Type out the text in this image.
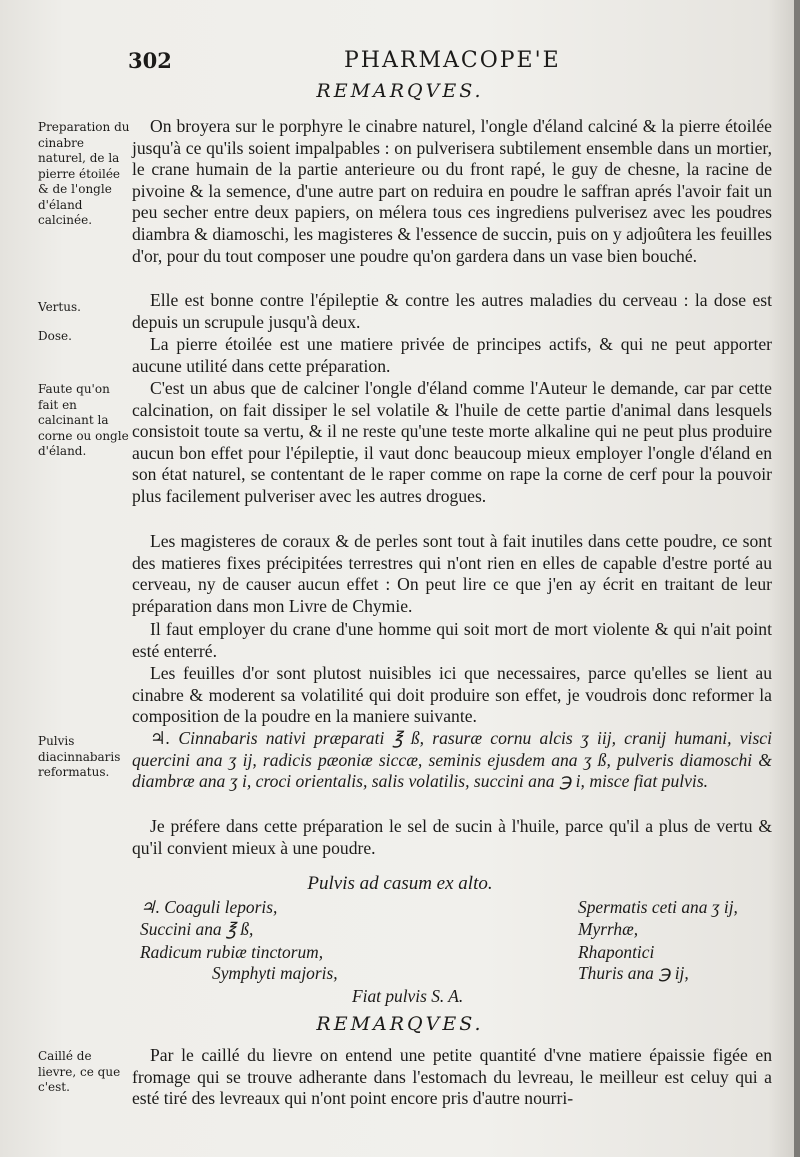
302	PHARMACOPE'E
REMARQVES.
Preparation du cinabre naturel, de la pierre étoilée & de l'ongle d'éland calcinée.
Vertus.
Dose.
Faute qu'on fait en calcinant la corne ou ongle d'éland.
Pulvis diacinnabaris reformatus.
Caillé de lievre, ce que c'est.

On broyera sur le porphyre le cinabre naturel, l'ongle d'éland calciné & la pierre étoilée jusqu'à ce qu'ils soient impalpables : on pulverisera subtilement ensemble dans un mortier, le crane humain de la partie anterieure ou du front rapé, le guy de chesne, la racine de pivoine & la semence, d'une autre part on reduira en poudre le saffran aprés l'avoir fait un peu secher entre deux papiers, on mélera tous ces ingrediens pulverisez avec les poudres diambra & diamoschi, les magisteres & l'essence de succin, puis on y adjoûtera les feuilles d'or, pour du tout composer une poudre qu'on gardera dans un vase bien bouché.

Elle est bonne contre l'épileptie & contre les autres maladies du cerveau : la dose est depuis un scrupule jusqu'à deux.

La pierre étoilée est une matiere privée de principes actifs, & qui ne peut apporter aucune utilité dans cette préparation.

C'est un abus que de calciner l'ongle d'éland comme l'Auteur le demande, car par cette calcination, on fait dissiper le sel volatile & l'huile de cette partie d'animal dans lesquels consistoit toute sa vertu, & il ne reste qu'une teste morte alkaline qui ne peut plus produire aucun bon effet pour l'épileptie, il vaut donc beaucoup mieux employer l'ongle d'éland en son état naturel, se contentant de le raper comme on rape la corne de cerf pour la pouvoir plus facilement pulveriser avec les autres drogues.

Les magisteres de coraux & de perles sont tout à fait inutiles dans cette poudre, ce sont des matieres fixes précipitées terrestres qui n'ont rien en elles de capable d'estre porté au cerveau, ny de causer aucun effet : On peut lire ce que j'en ay écrit en traitant de leur préparation dans mon Livre de Chymie.

Il faut employer du crane d'une homme qui soit mort de mort violente & qui n'ait point esté enterré.

Les feuilles d'or sont plutost nuisibles ici que necessaires, parce qu'elles se lient au cinabre & moderent sa volatilité qui doit produire son effet, je voudrois donc reformer la composition de la poudre en la maniere suivante.

♃. Cinnabaris nativi præparati ℥ ß, rasuræ cornu alcis ʒ iij, cranij humani, visci quercini ana ʒ ij, radicis pæoniæ siccæ, seminis ejusdem ana ʒ ß, pulveris diamoschi & diambræ ana ʒ i, croci orientalis, salis volatilis, succini ana ℈ i, misce fiat pulvis.

Je préfere dans cette préparation le sel de sucin à l'huile, parce qu'il a plus de vertu & qu'il convient mieux à une poudre.

Pulvis ad casum ex alto.
♃. Coaguli leporis,
Succini ana ℥ ß,
Radicum rubiæ tinctorum,
Symphyti majoris,
Spermatis ceti ana ʒ ij,
Myrrhæ,
Rhapontici
Thuris ana ℈ ij,
Fiat pulvis S. A.
REMARQVES.

Par le caillé du lievre on entend une petite quantité d'vne matiere épaissie figée en fromage qui se trouve adherante dans l'estomach du levreau, le meilleur est celuy qui a esté tiré des levreaux qui n'ont point encore pris d'autre nourri-
